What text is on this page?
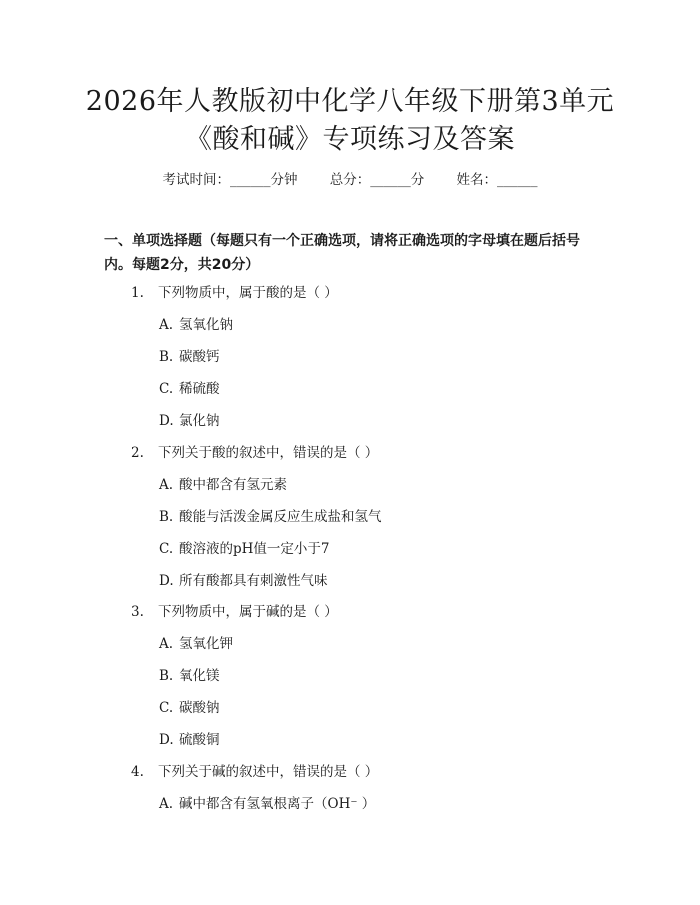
2026年人教版初中化学八年级下册第3单元
《酸和碱》专项练习及答案
考试时间：______分钟 总分：______分 姓名：______
一、单项选择题（每题只有一个正确选项，请将正确选项的字母填在题后括号内。每题2分，共20分）
1. 下列物质中，属于酸的是（ ）
A. 氢氧化钠
B. 碳酸钙
C. 稀硫酸
D. 氯化钠
2. 下列关于酸的叙述中，错误的是（ ）
A. 酸中都含有氢元素
B. 酸能与活泼金属反应生成盐和氢气
C. 酸溶液的pH值一定小于7
D. 所有酸都具有刺激性气味
3. 下列物质中，属于碱的是（ ）
A. 氢氧化钾
B. 氧化镁
C. 碳酸钠
D. 硫酸铜
4. 下列关于碱的叙述中，错误的是（ ）
A. 碱中都含有氢氧根离子（OH⁻ ）
